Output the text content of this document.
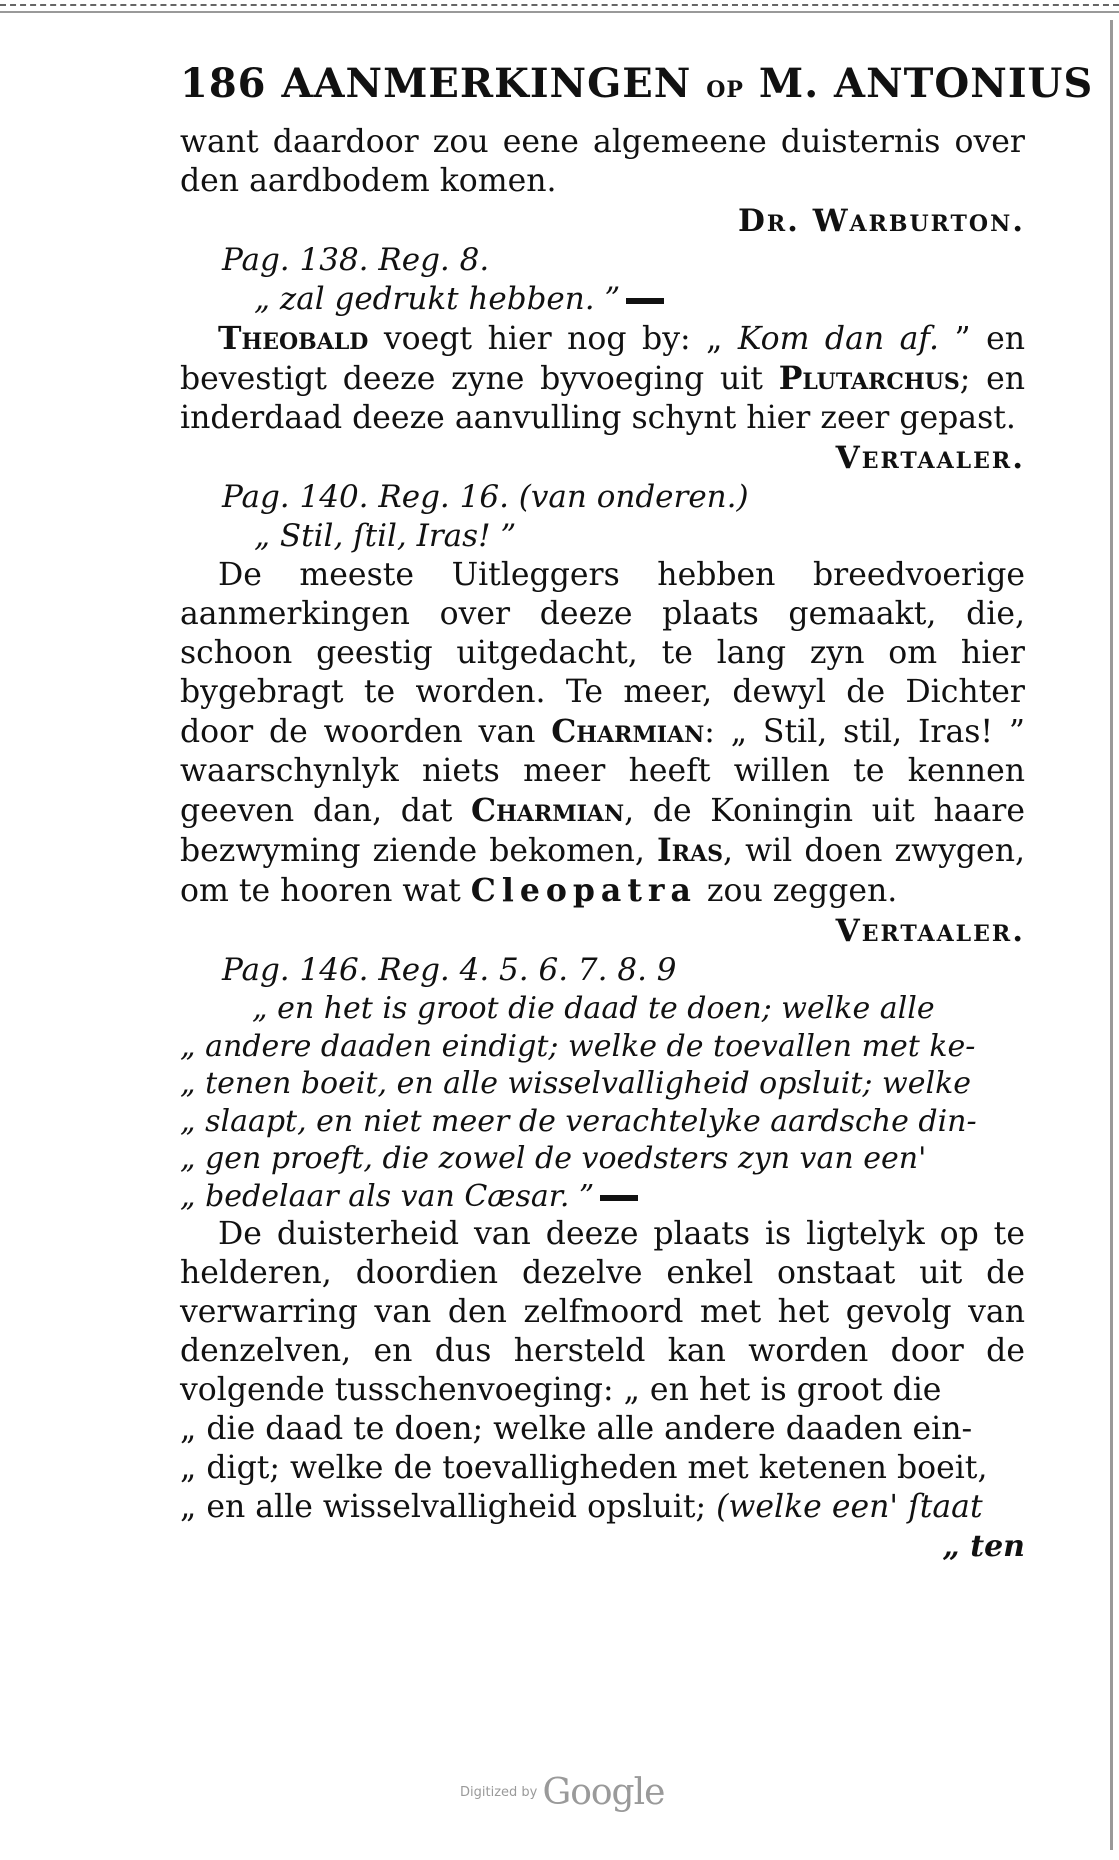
186 AANMERKINGEN OP M. ANTONIUS

want daardoor zou eene algemeene duisternis over den aardbodem komen.

Dr. Warburton.
Pag. 138. Reg. 8.
„ zal gedrukt hebben. ”

Theobald voegt hier nog by: „ Kom dan af. ” en bevestigt deeze zyne byvoeging uit Plutarchus; en inderdaad deeze aanvulling schynt hier zeer gepast.

Vertaaler.
Pag. 140. Reg. 16. (van onderen.)
„ Stil, ſtil, Iras! ”

De meeste Uitleggers hebben breedvoerige aanmerkingen over deeze plaats gemaakt, die, schoon geestig uitgedacht, te lang zyn om hier bygebragt te worden. Te meer, dewyl de Dichter door de woorden van Charmian: „ Stil, stil, Iras! ” waarschynlyk niets meer heeft willen te kennen geeven dan, dat Charmian, de Koningin uit haare bezwyming ziende bekomen, Iras, wil doen zwygen, om te hooren wat Cleopatra zou zeggen.

Vertaaler.
Pag. 146. Reg. 4. 5. 6. 7. 8. 9

„ en het is groot die daad te doen; welke alle

„ andere daaden eindigt; welke de toevallen met ke-

„ tenen boeit, en alle wisselvalligheid opsluit; welke

„ slaapt, en niet meer de verachtelyke aardsche din-

„ gen proeft, die zowel de voedsters zyn van een'

„ bedelaar als van Cæsar. ”

De duisterheid van deeze plaats is ligtelyk op te helderen, doordien dezelve enkel onstaat uit de verwarring van den zelfmoord met het gevolg van denzelven, en dus hersteld kan worden door de volgende tusschenvoeging: „ en het is groot die

„ die daad te doen; welke alle andere daaden ein-

„ digt; welke de toevalligheden met ketenen boeit,

„ en alle wisselvalligheid opsluit; (welke een' ſtaat

„ ten
Digitized by Google
